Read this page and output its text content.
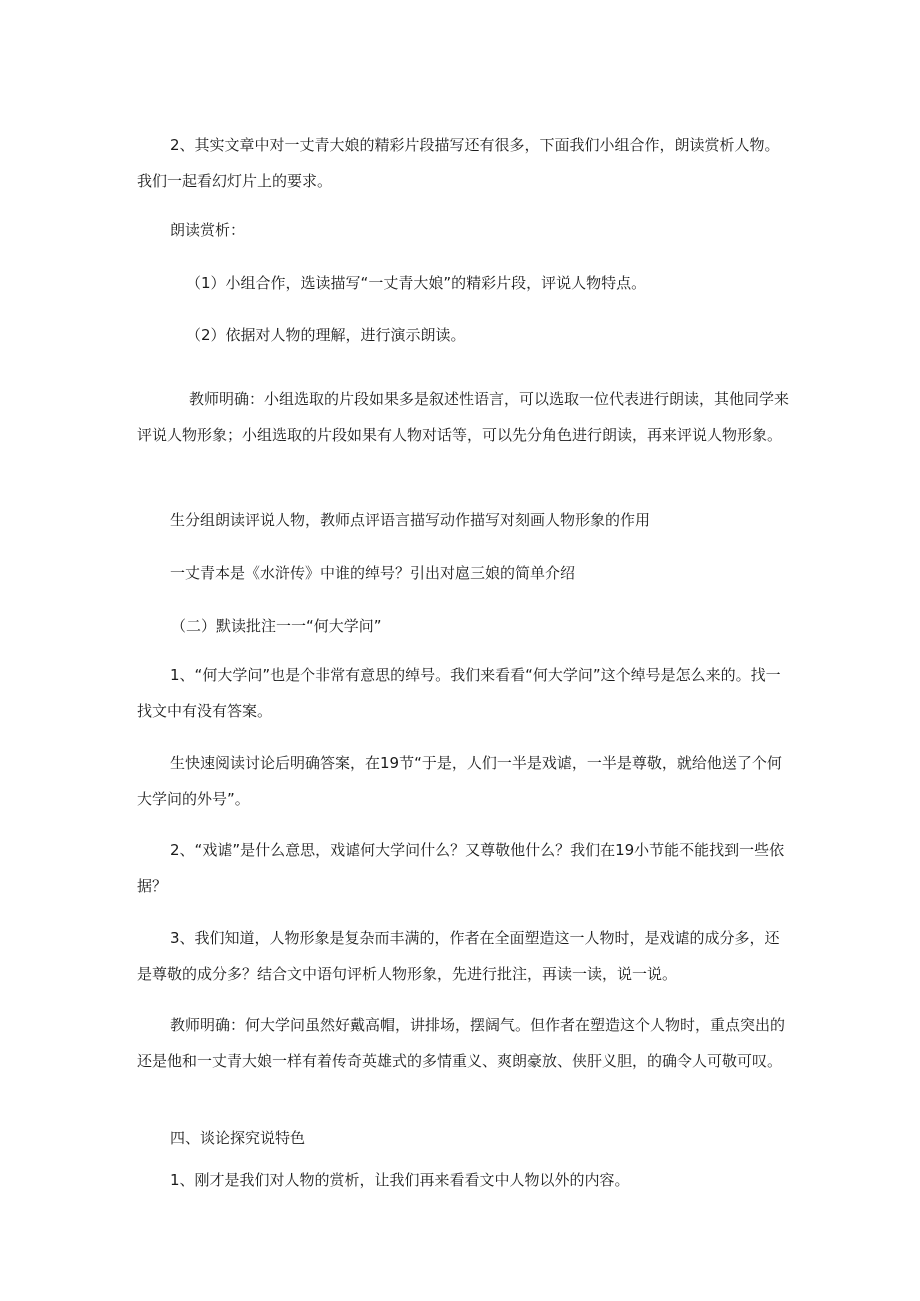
2、其实文章中对一丈青大娘的精彩片段描写还有很多，下面我们小组合作，朗读赏析人物。我们一起看幻灯片上的要求。

朗读赏析：

（1）小组合作，选读描写“一丈青大娘”的精彩片段，评说人物特点。

（2）依据对人物的理解，进行演示朗读。

教师明确：小组选取的片段如果多是叙述性语言，可以选取一位代表进行朗读，其他同学来评说人物形象；小组选取的片段如果有人物对话等，可以先分角色进行朗读，再来评说人物形象。

生分组朗读评说人物，教师点评语言描写动作描写对刻画人物形象的作用

一丈青本是《水浒传》中谁的绰号？引出对扈三娘的简单介绍

（二）默读批注一一“何大学问”

1、“何大学问”也是个非常有意思的绰号。我们来看看“何大学问”这个绰号是怎么来的。找一找文中有没有答案。

生快速阅读讨论后明确答案，在19节“于是，人们一半是戏谑，一半是尊敬，就给他送了个何大学问的外号”。

2、“戏谑”是什么意思，戏谑何大学问什么？又尊敬他什么？我们在19小节能不能找到一些依据？

3、我们知道，人物形象是复杂而丰满的，作者在全面塑造这一人物时，是戏谑的成分多，还是尊敬的成分多？结合文中语句评析人物形象，先进行批注，再读一读，说一说。

教师明确：何大学问虽然好戴高帽，讲排场，摆阔气。但作者在塑造这个人物时，重点突出的还是他和一丈青大娘一样有着传奇英雄式的多情重义、爽朗豪放、侠肝义胆，的确令人可敬可叹。

四、谈论探究说特色

1、刚才是我们对人物的赏析，让我们再来看看文中人物以外的内容。
